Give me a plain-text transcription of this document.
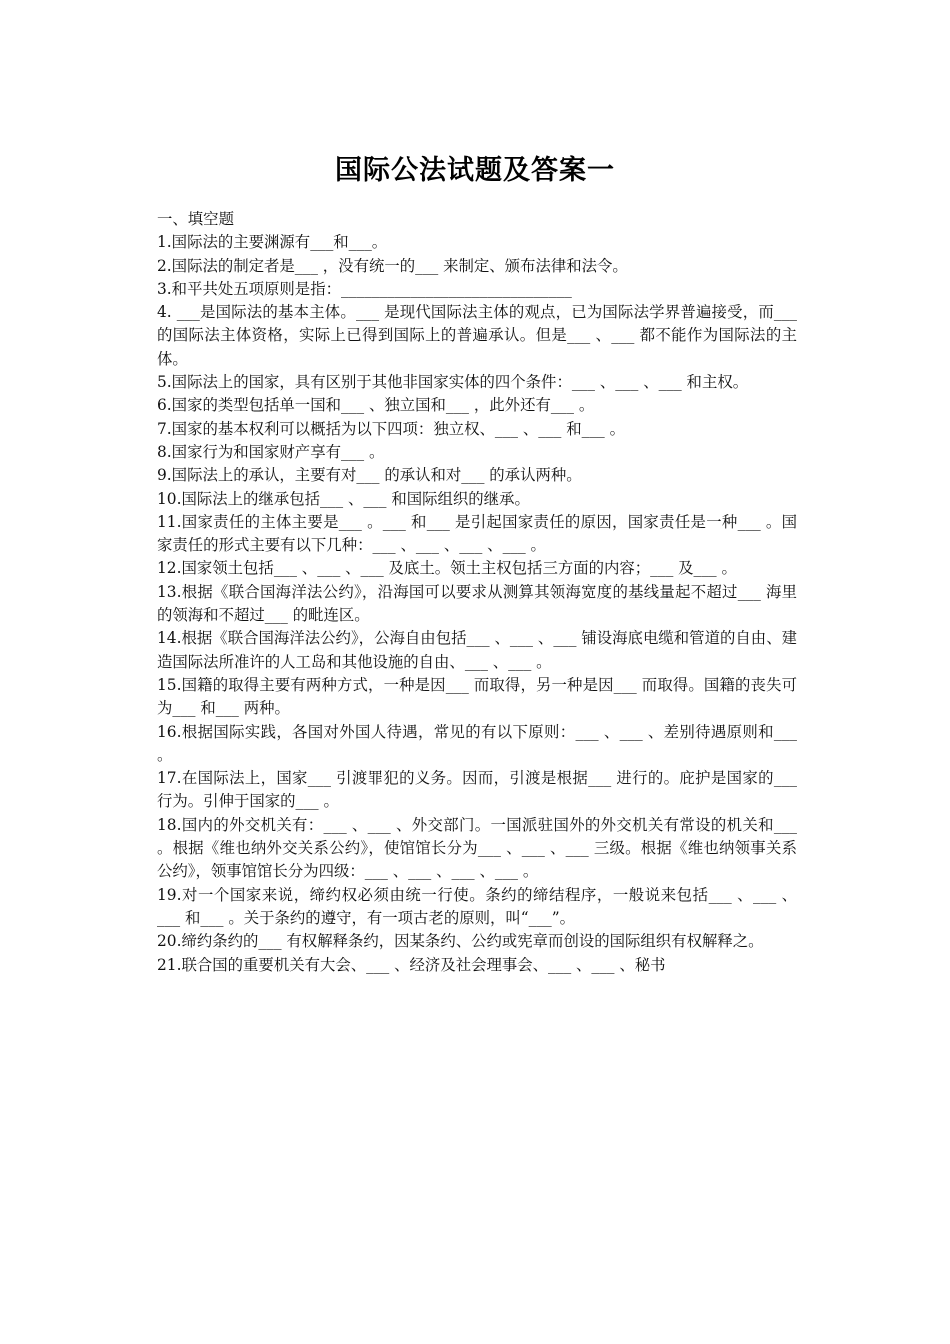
国际公法试题及答案一

一、填空题

1.国际法的主要渊源有___和___。

2.国际法的制定者是___ ，没有统一的___ 来制定、颁布法律和法令。

3.和平共处五项原则是指：______________________________

4. ___是国际法的基本主体。___ 是现代国际法主体的观点，已为国际法学界普遍接受，而___ 的国际法主体资格，实际上已得到国际上的普遍承认。但是___ 、___ 都不能作为国际法的主体。

5.国际法上的国家，具有区别于其他非国家实体的四个条件：___ 、___ 、___ 和主权。

6.国家的类型包括单一国和___ 、独立国和___ ，此外还有___ 。

7.国家的基本权利可以概括为以下四项：独立权、___ 、___ 和___ 。

8.国家行为和国家财产享有___ 。

9.国际法上的承认，主要有对___ 的承认和对___ 的承认两种。

10.国际法上的继承包括___ 、___ 和国际组织的继承。

11.国家责任的主体主要是___ 。___ 和___ 是引起国家责任的原因，国家责任是一种___ 。国家责任的形式主要有以下几种：___ 、___ 、___ 、___ 。

12.国家领土包括___ 、___ 、___ 及底土。领土主权包括三方面的内容；___ 及___ 。

13.根据《联合国海洋法公约》，沿海国可以要求从测算其领海宽度的基线量起不超过___ 海里的领海和不超过___ 的毗连区。

14.根据《联合国海洋法公约》，公海自由包括___ 、___ 、___ 铺设海底电缆和管道的自由、建造国际法所准许的人工岛和其他设施的自由、___ 、___ 。

15.国籍的取得主要有两种方式，一种是因___ 而取得，另一种是因___ 而取得。国籍的丧失可为___ 和___ 两种。

16.根据国际实践，各国对外国人待遇，常见的有以下原则：___ 、___ 、差别待遇原则和___ 。

17.在国际法上，国家___ 引渡罪犯的义务。因而，引渡是根据___ 进行的。庇护是国家的___ 行为。引伸于国家的___ 。

18.国内的外交机关有：___ 、___ 、外交部门。一国派驻国外的外交机关有常设的机关和___ 。根据《维也纳外交关系公约》，使馆馆长分为___ 、___ 、___ 三级。根据《维也纳领事关系公约》，领事馆馆长分为四级：___ 、___ 、___ 、___ 。

19.对一个国家来说，缔约权必须由统一行使。条约的缔结程序，一般说来包括___ 、___ 、___ 和___ 。关于条约的遵守，有一项古老的原则，叫“___”。

20.缔约条约的___ 有权解释条约，因某条约、公约或宪章而创设的国际组织有权解释之。

21.联合国的重要机关有大会、___ 、经济及社会理事会、___ 、___ 、秘书
